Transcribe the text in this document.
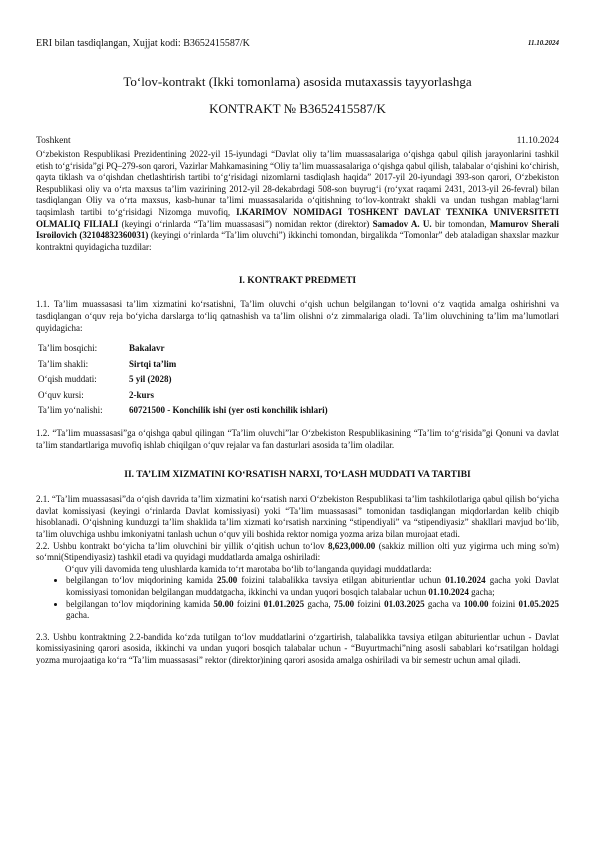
ERI bilan tasdiqlangan, Xujjat kodi: B3652415587/K	11.10.2024
To‘lov-kontrakt (Ikki tomonlama) asosida mutaxassis tayyorlashga
KONTRAKT № B3652415587/K
Toshkent	11.10.2024

O‘zbekiston Respublikasi Prezidentining 2022-yil 15-iyundagi “Davlat oliy ta’lim muassasalariga o‘qishga qabul qilish jarayonlarini tashkil etish to‘g‘risida”gi PQ–279-son qarori, Vazirlar Mahkamasining “Oliy ta’lim muassasalariga o‘qishga qabul qilish, talabalar o‘qishini ko‘chirish, qayta tiklash va o‘qishdan chetlashtirish tartibi to‘g‘risidagi nizomlarni tasdiqlash haqida” 2017-yil 20-iyundagi 393-son qarori, O‘zbekiston Respublikasi oliy va o‘rta maxsus ta’lim vazirining 2012-yil 28-dekabrdagi 508-son buyrug‘i (ro‘yxat raqami 2431, 2013-yil 26-fevral) bilan tasdiqlangan Oliy va o‘rta maxsus, kasb-hunar ta’limi muassasalarida o‘qitishning to‘lov-kontrakt shakli va undan tushgan mablag‘larni taqsimlash tartibi to‘g‘risidagi Nizomga muvofiq, I.KARIMOV NOMIDAGI TOSHKENT DAVLAT TEXNIKA UNIVERSITETI OLMALIQ FILIALI (keyingi o‘rinlarda “Ta’lim muassasasi”) nomidan rektor (direktor) Samadov A. U. bir tomondan, Mamurov Sherali Isroilovich (32104832360031) (keyingi o‘rinlarda “Ta’lim oluvchi”) ikkinchi tomondan, birgalikda “Tomonlar” deb ataladigan shaxslar mazkur kontraktni quyidagicha tuzdilar:

I. KONTRAKT PREDMETI

1.1. Ta’lim muassasasi ta’lim xizmatini ko‘rsatishni, Ta’lim oluvchi o‘qish uchun belgilangan to‘lovni o‘z vaqtida amalga oshirishni va tasdiqlangan o‘quv reja bo‘yicha darslarga to‘liq qatnashish va ta’lim olishni o‘z zimmalariga oladi. Ta’lim oluvchining ta’lim ma’lumotlari quyidagicha:

Ta’lim bosqichi:	Bakalavr
Ta’lim shakli:	Sirtqi ta’lim
O‘qish muddati:	5 yil (2028)
O‘quv kursi:	2-kurs
Ta’lim yo‘nalishi:	60721500 - Konchilik ishi (yer osti konchilik ishlari)

1.2. “Ta’lim muassasasi”ga o‘qishga qabul qilingan “Ta’lim oluvchi”lar O‘zbekiston Respublikasining “Ta’lim to‘g‘risida”gi Qonuni va davlat ta’lim standartlariga muvofiq ishlab chiqilgan o‘quv rejalar va fan dasturlari asosida ta’lim oladilar.

II. TA’LIM XIZMATINI KO‘RSATISH NARXI, TO‘LASH MUDDATI VA TARTIBI

2.1. “Ta’lim muassasasi”da o‘qish davrida ta’lim xizmatini ko‘rsatish narxi O‘zbekiston Respublikasi ta’lim tashkilotlariga qabul qilish bo‘yicha davlat komissiyasi (keyingi o‘rinlarda Davlat komissiyasi) yoki “Ta’lim muassasasi” tomonidan tasdiqlangan miqdorlardan kelib chiqib hisoblanadi. O‘qishning kunduzgi ta’lim shaklida ta’lim xizmati ko‘rsatish narxining “stipendiyali” va “stipendiyasiz” shakllari mavjud bo‘lib, ta’lim oluvchiga ushbu imkoniyatni tanlash uchun o‘quv yili boshida rektor nomiga yozma ariza bilan murojaat etadi.

2.2. Ushbu kontrakt bo‘yicha ta’lim oluvchini bir yillik o‘qitish uchun to‘lov 8,623,000.00 (sakkiz million olti yuz yigirma uch ming so'm) so‘mni(Stipendiyasiz) tashkil etadi va quyidagi muddatlarda amalga oshiriladi:

O‘quv yili davomida teng ulushlarda kamida to‘rt marotaba bo‘lib to‘langanda quyidagi muddatlarda:
• belgilangan to‘lov miqdorining kamida 25.00 foizini talabalikka tavsiya etilgan abiturientlar uchun 01.10.2024 gacha yoki Davlat komissiyasi tomonidan belgilangan muddatgacha, ikkinchi va undan yuqori bosqich talabalar uchun 01.10.2024 gacha;
• belgilangan to‘lov miqdorining kamida 50.00 foizini 01.01.2025 gacha, 75.00 foizini 01.03.2025 gacha va 100.00 foizini 01.05.2025 gacha.

2.3. Ushbu kontraktning 2.2-bandida ko‘zda tutilgan to‘lov muddatlarini o‘zgartirish, talabalikka tavsiya etilgan abiturientlar uchun - Davlat komissiyasining qarori asosida, ikkinchi va undan yuqori bosqich talabalar uchun - “Buyurtmachi”ning asosli sabablari ko‘rsatilgan holdagi yozma murojaatiga ko‘ra “Ta’lim muassasasi” rektor (direktor)ining qarori asosida amalga oshiriladi va bir semestr uchun amal qiladi.
